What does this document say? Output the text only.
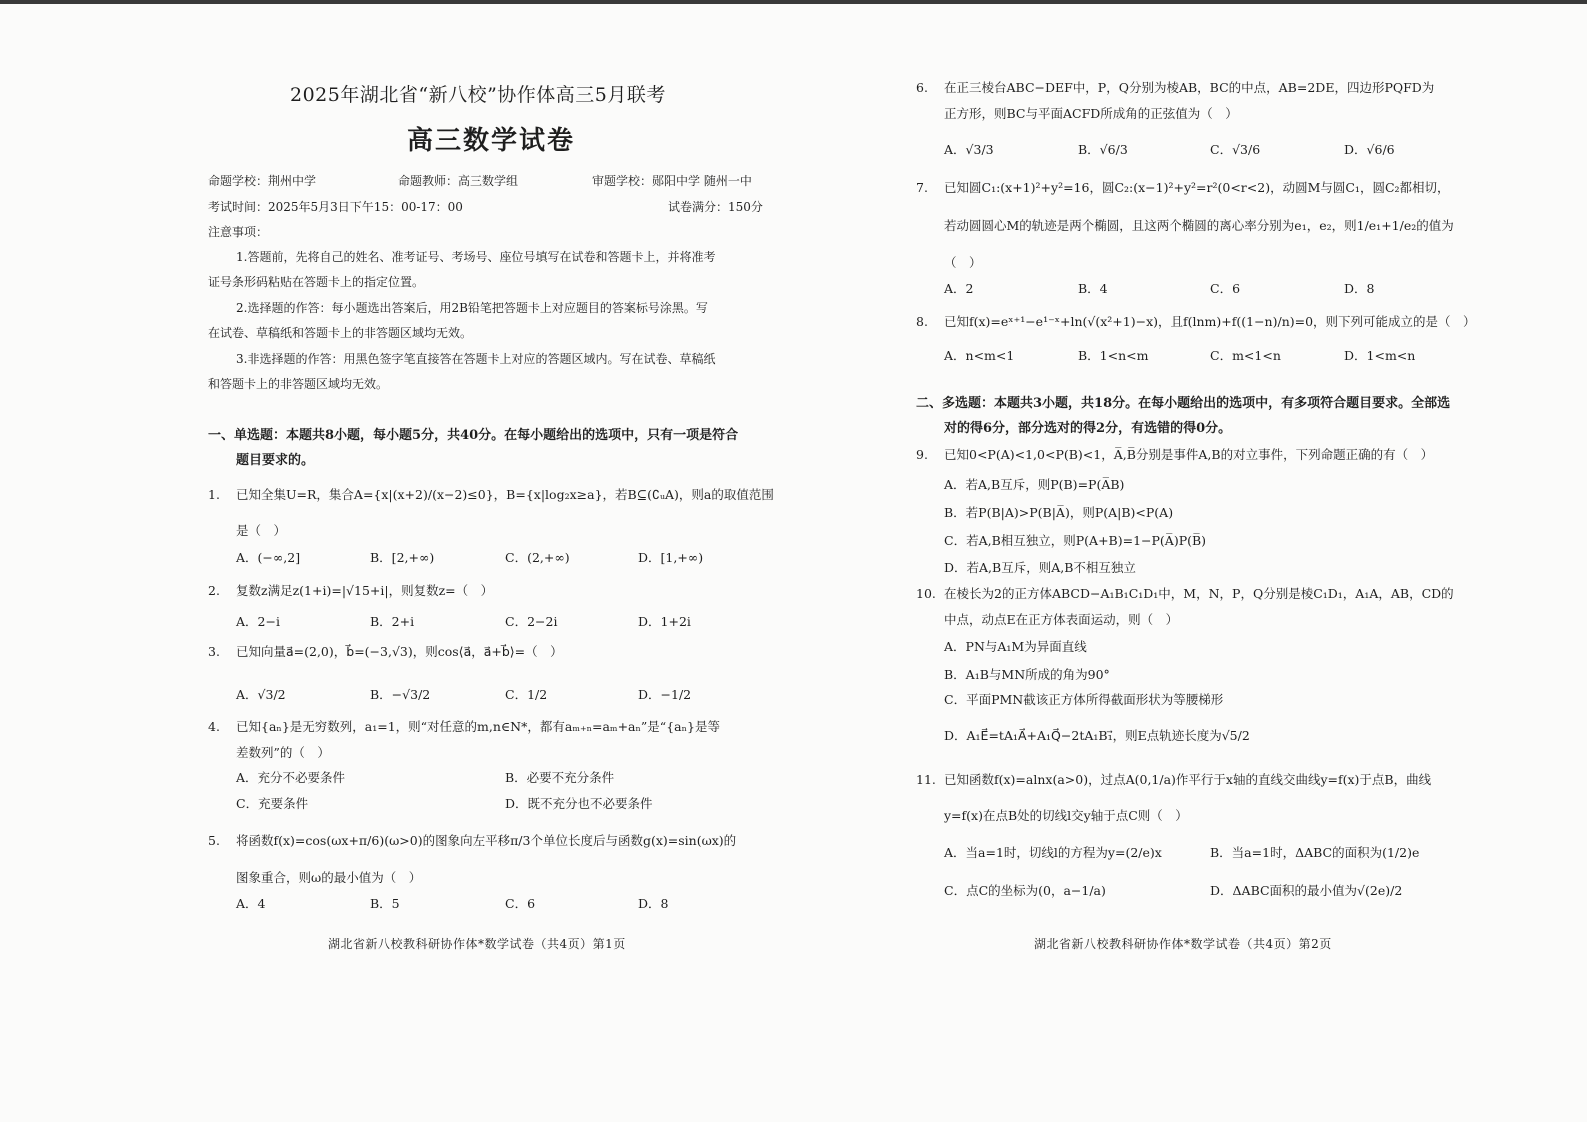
2025年湖北省“新八校”协作体高三5月联考
高三数学试卷
命题学校：荆州中学	命题教师：高三数学组	审题学校：郧阳中学 随州一中
考试时间：2025年5月3日下午15：00-17：00	试卷满分：150分
注意事项：
1.答题前，先将自己的姓名、准考证号、考场号、座位号填写在试卷和答题卡上，并将准考
证号条形码粘贴在答题卡上的指定位置。
2.选择题的作答：每小题选出答案后，用2B铅笔把答题卡上对应题目的答案标号涂黑。写
在试卷、草稿纸和答题卡上的非答题区域均无效。
3.非选择题的作答：用黑色签字笔直接答在答题卡上对应的答题区域内。写在试卷、草稿纸
和答题卡上的非答题区域均无效。
一、单选题：本题共8小题，每小题5分，共40分。在每小题给出的选项中，只有一项是符合
题目要求的。
1. 已知全集U=R，集合A={x|(x+2)/(x−2)≤0}，B={x|log₂x≥a}，若B⊆(∁ᵤA)，则a的取值范围
是（　）
A．(−∞,2]	B．[2,+∞)	C．(2,+∞)	D．[1,+∞)
2. 复数z满足z(1+i)=|√15+i|，则复数z=（　）
A．2−i	B．2+i	C．2−2i	D．1+2i
3. 已知向量a⃗=(2,0)，b⃗=(−3,√3)，则cos⟨a⃗，a⃗+b⃗⟩=（　）
A．√3/2	B．−√3/2	C．1/2	D．−1/2
4. 已知{aₙ}是无穷数列，a₁=1，则“对任意的m,n∈N*，都有aₘ₊ₙ=aₘ+aₙ”是“{aₙ}是等
差数列”的（　）
A．充分不必要条件	B．必要不充分条件
C．充要条件	D．既不充分也不必要条件
5. 将函数f(x)=cos(ωx+π/6)(ω>0)的图象向左平移π/3个单位长度后与函数g(x)=sin(ωx)的
图象重合，则ω的最小值为（　）
A．4	B．5	C．6	D．8
湖北省新八校教科研协作体*数学试卷（共4页）第1页
6. 在正三棱台ABC−DEF中，P，Q分别为棱AB，BC的中点，AB=2DE，四边形PQFD为
正方形，则BC与平面ACFD所成角的正弦值为（　）
A．√3/3	B．√6/3	C．√3/6	D．√6/6
7. 已知圆C₁:(x+1)²+y²=16，圆C₂:(x−1)²+y²=r²(0<r<2)，动圆M与圆C₁，圆C₂都相切，
若动圆圆心M的轨迹是两个椭圆，且这两个椭圆的离心率分别为e₁，e₂，则1/e₁+1/e₂的值为
（　）
A．2	B．4	C．6	D．8
8. 已知f(x)=eˣ⁺¹−e¹⁻ˣ+ln(√(x²+1)−x)，且f(lnm)+f((1−n)/n)=0，则下列可能成立的是（　）
A．n<m<1	B．1<n<m	C．m<1<n	D．1<m<n
二、多选题：本题共3小题，共18分。在每小题给出的选项中，有多项符合题目要求。全部选
对的得6分，部分选对的得2分，有选错的得0分。
9. 已知0<P(A)<1,0<P(B)<1，A̅,B̅分别是事件A,B的对立事件，下列命题正确的有（　）
A．若A,B互斥，则P(B)=P(A̅B)
B．若P(B|A)>P(B|A̅)，则P(A|B)<P(A)
C．若A,B相互独立，则P(A+B)=1−P(A̅)P(B̅)
D．若A,B互斥，则A,B不相互独立
10. 在棱长为2的正方体ABCD−A₁B₁C₁D₁中，M，N，P，Q分别是棱C₁D₁，A₁A，AB，CD的
中点，动点E在正方体表面运动，则（　）
A．PN与A₁M为异面直线
B．A₁B与MN所成的角为90°
C．平面PMN截该正方体所得截面形状为等腰梯形
D．A₁E⃗=tA₁A⃗+A₁Q⃗−2tA₁B₁⃗，则E点轨迹长度为√5/2
11. 已知函数f(x)=alnx(a>0)，过点A(0,1/a)作平行于x轴的直线交曲线y=f(x)于点B，曲线
y=f(x)在点B处的切线l交y轴于点C则（　）
A．当a=1时，切线l的方程为y=(2/e)x	B．当a=1时，ΔABC的面积为(1/2)e
C．点C的坐标为(0，a−1/a)	D．ΔABC面积的最小值为√(2e)/2
湖北省新八校教科研协作体*数学试卷（共4页）第2页
